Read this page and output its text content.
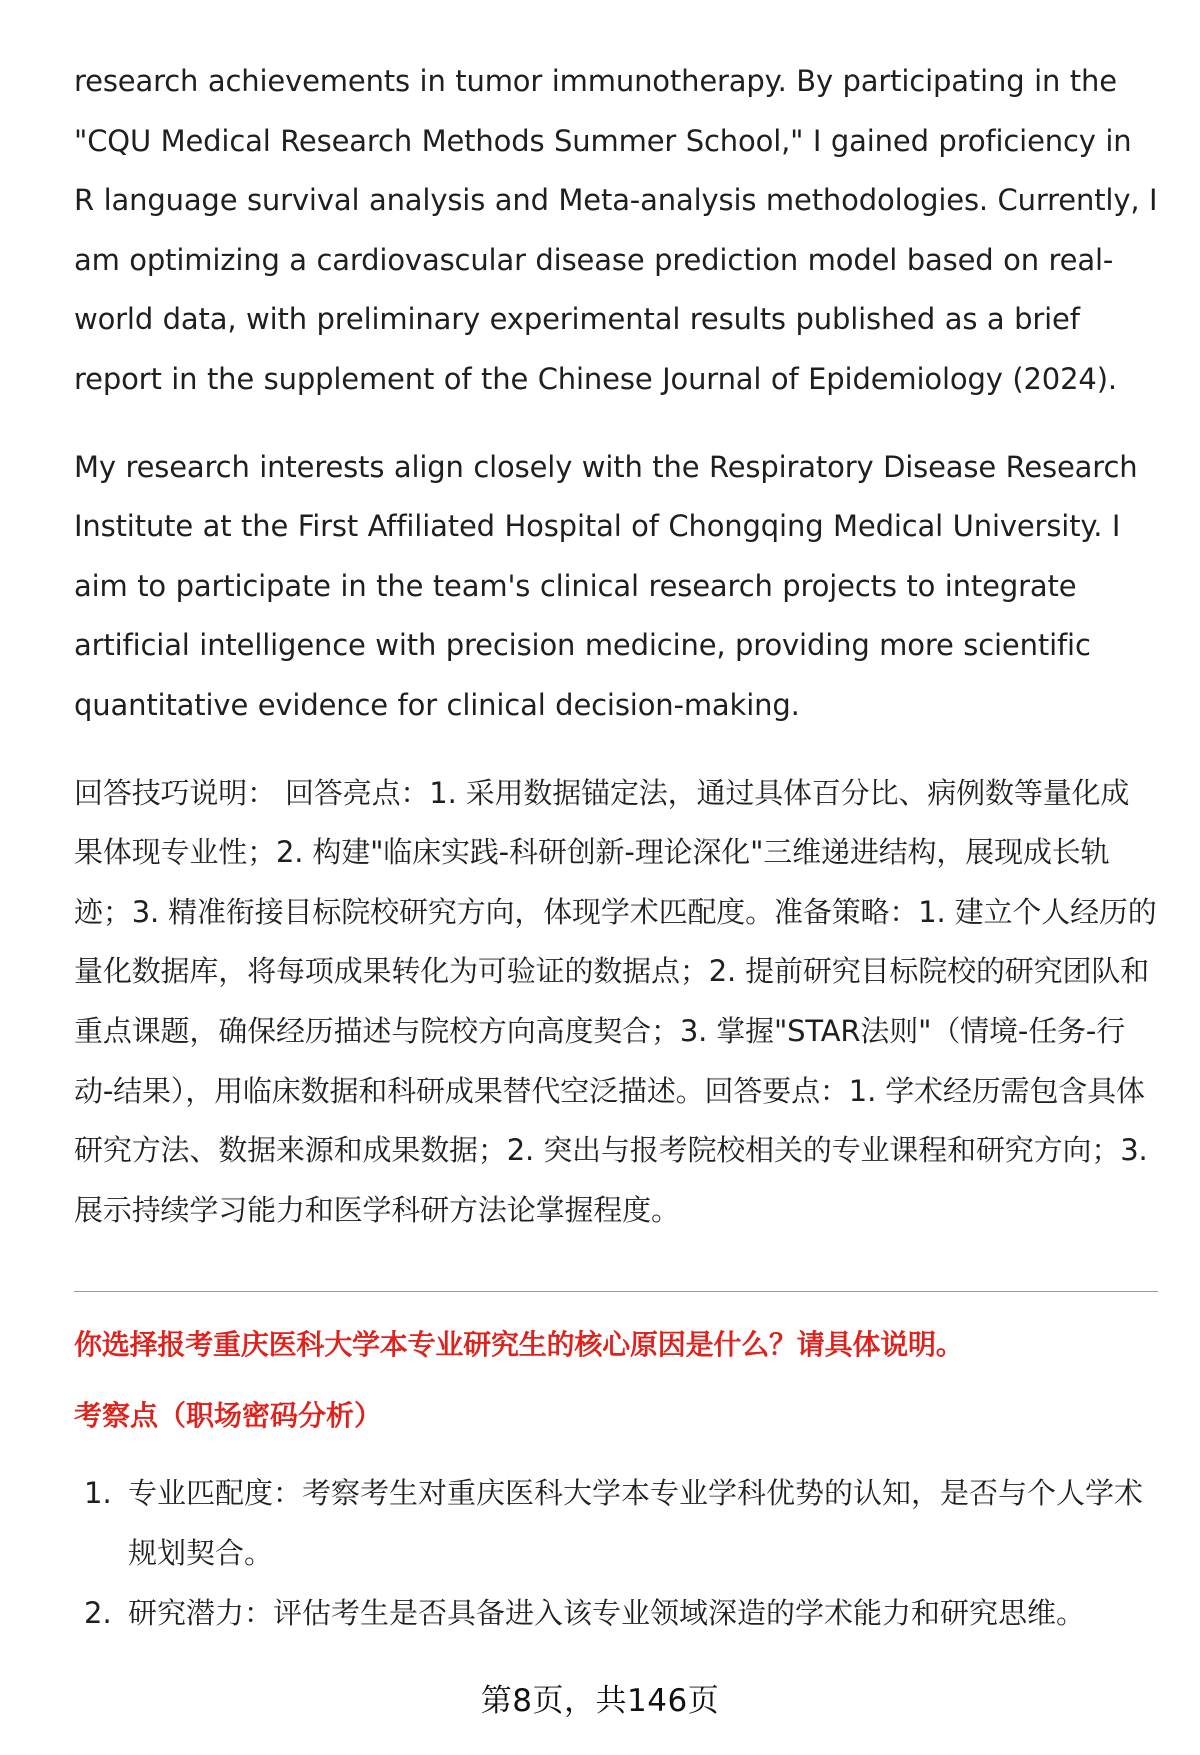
research achievements in tumor immunotherapy. By participating in the "CQU Medical Research Methods Summer School," I gained proficiency in R language survival analysis and Meta-analysis methodologies. Currently, I am optimizing a cardiovascular disease prediction model based on real-world data, with preliminary experimental results published as a brief report in the supplement of the Chinese Journal of Epidemiology (2024).

My research interests align closely with the Respiratory Disease Research Institute at the First Affiliated Hospital of Chongqing Medical University. I aim to participate in the team's clinical research projects to integrate artificial intelligence with precision medicine, providing more scientific quantitative evidence for clinical decision-making.

回答技巧说明： 回答亮点：1. 采用数据锚定法，通过具体百分比、病例数等量化成果体现专业性；2. 构建"临床实践-科研创新-理论深化"三维递进结构，展现成长轨迹；3. 精准衔接目标院校研究方向，体现学术匹配度。准备策略：1. 建立个人经历的量化数据库，将每项成果转化为可验证的数据点；2. 提前研究目标院校的研究团队和重点课题，确保经历描述与院校方向高度契合；3. 掌握"STAR法则"（情境-任务-行动-结果），用临床数据和科研成果替代空泛描述。回答要点：1. 学术经历需包含具体研究方法、数据来源和成果数据；2. 突出与报考院校相关的专业课程和研究方向；3. 展示持续学习能力和医学科研方法论掌握程度。

你选择报考重庆医科大学本专业研究生的核心原因是什么？请具体说明。

考察点（职场密码分析）

1. 专业匹配度：考察考生对重庆医科大学本专业学科优势的认知，是否与个人学术规划契合。
2. 研究潜力：评估考生是否具备进入该专业领域深造的学术能力和研究思维。
第8页，共146页
